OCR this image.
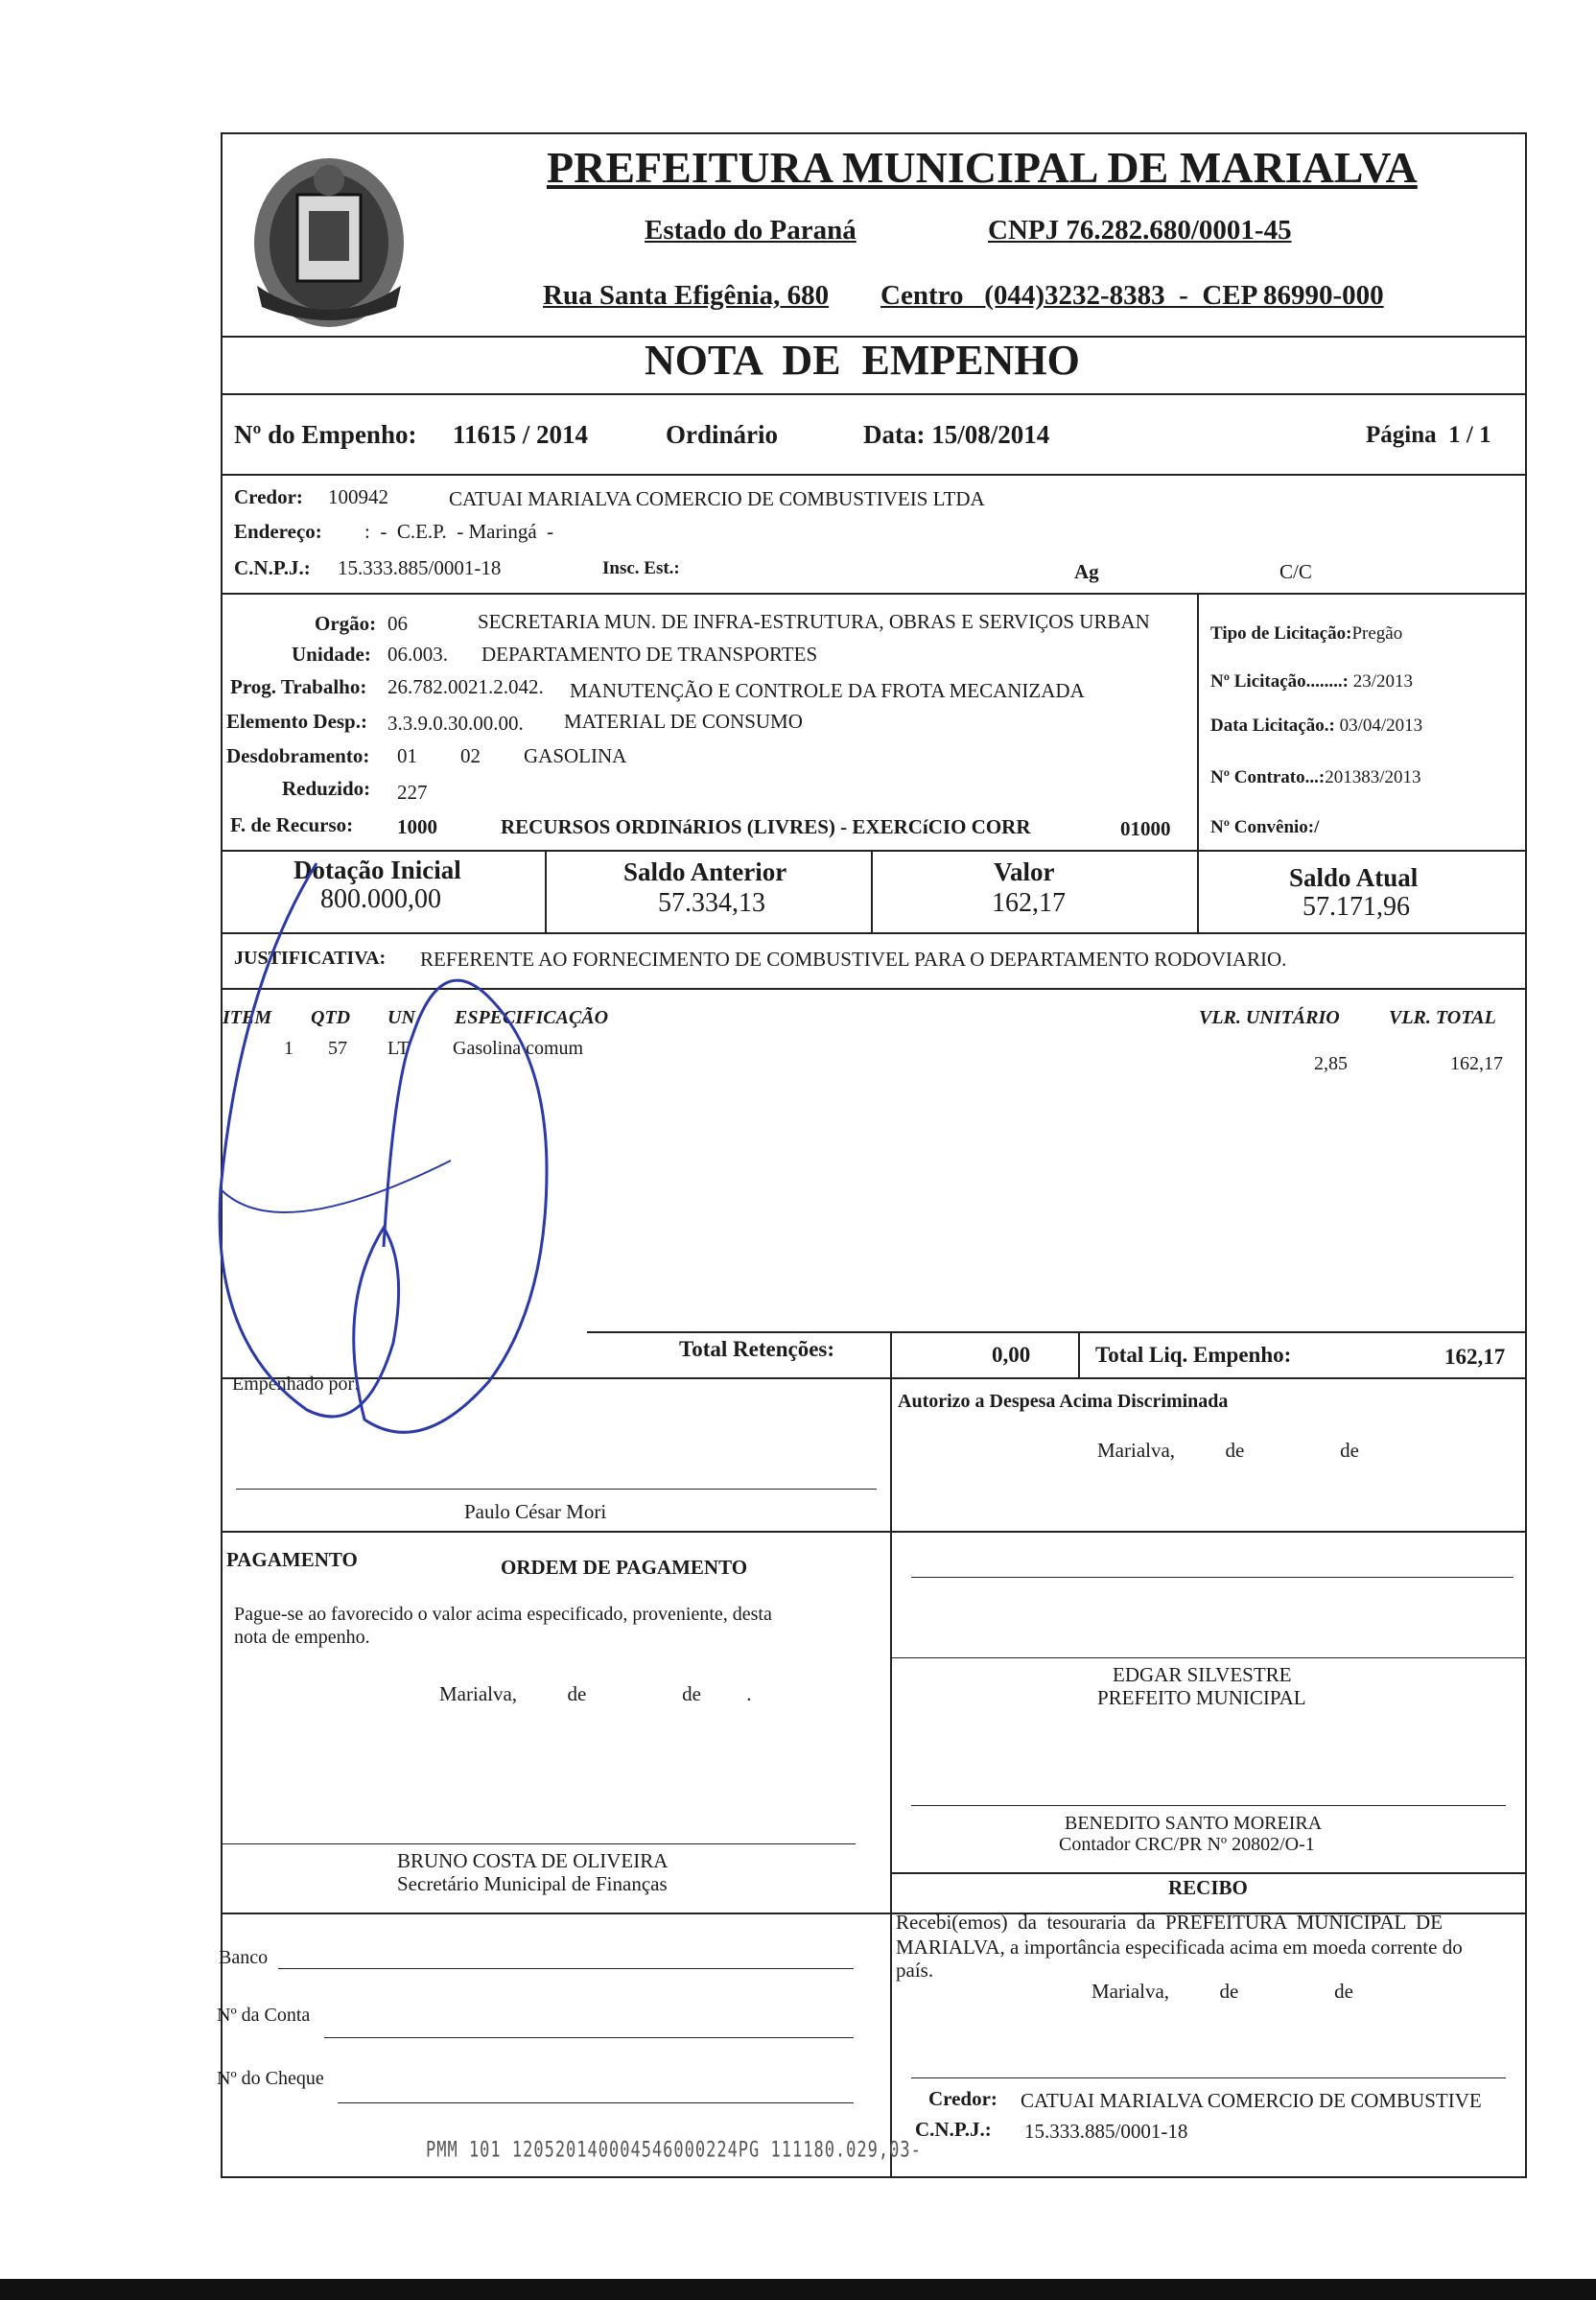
PREFEITURA MUNICIPAL DE MARIALVA
Estado do Paraná	CNPJ 76.282.680/0001-45
Rua Santa Efigênia, 680 Centro   (044)3232-8383  -  CEP 86990-000
NOTA  DE  EMPENHO
Nº do Empenho: 11615 / 2014	Ordinário	Data: 15/08/2014	Página  1 / 1
Credor: 100942	CATUAI MARIALVA COMERCIO DE COMBUSTIVEIS LTDA
Endereço: :  -  C.E.P.  - Maringá  -
C.N.P.J.: 15.333.885/0001-18	Insc. Est.:	Ag	C/C
Orgão: 06	SECRETARIA MUN. DE INFRA-ESTRUTURA, OBRAS E SERVIÇOS URBAN
Unidade: 06.003. DEPARTAMENTO DE TRANSPORTES
Prog. Trabalho: 26.782.0021.2.042. MANUTENÇÃO E CONTROLE DA FROTA MECANIZADA
Elemento Desp.: 3.3.9.0.30.00.00. MATERIAL DE CONSUMO
Desdobramento: 01 02 GASOLINA
Reduzido: 227
F. de Recurso: 1000	RECURSOS ORDINáRIOS (LIVRES) - EXERCíCIO CORR	01000
Tipo de Licitação:Pregão
Nº Licitação........: 23/2013
Data Licitação.: 03/04/2013
Nº Contrato...:201383/2013
Nº Convênio:/
Dotação Inicial
800.000,00
Saldo Anterior
57.334,13
Valor
162,17
Saldo Atual
57.171,96
JUSTIFICATIVA: REFERENTE AO FORNECIMENTO DE COMBUSTIVEL PARA O DEPARTAMENTO RODOVIARIO.
ITEM QTD UN ESPECIFICAÇÃO	VLR. UNITÁRIO	VLR. TOTAL
1 57 LT Gasolina comum
2,85	162,17
Total Retenções:	0,00	Total Liq. Empenho:	162,17
Empenhado por:
Autorizo a Despesa Acima Discriminada
Marialva,          de                   de
Paulo César Mori
PAGAMENTO	ORDEM DE PAGAMENTO
Pague-se ao favorecido o valor acima especificado, proveniente, desta
nota de empenho.
Marialva,          de                   de         .
EDGAR SILVESTRE
PREFEITO MUNICIPAL
BENEDITO SANTO MOREIRA
Contador CRC/PR Nº 20802/O-1
BRUNO COSTA DE OLIVEIRA
Secretário Municipal de Finanças	RECIBO
Recebi(emos)  da  tesouraria  da  PREFEITURA  MUNICIPAL  DE
MARIALVA, a importância especificada acima em moeda corrente do
país.
Marialva,          de                   de
Banco
Nº da Conta
Nº do Cheque
Credor: CATUAI MARIALVA COMERCIO DE COMBUSTIVE
C.N.P.J.: 15.333.885/0001-18
PMM 101 120520140004546000224PG 111180.029,03-
